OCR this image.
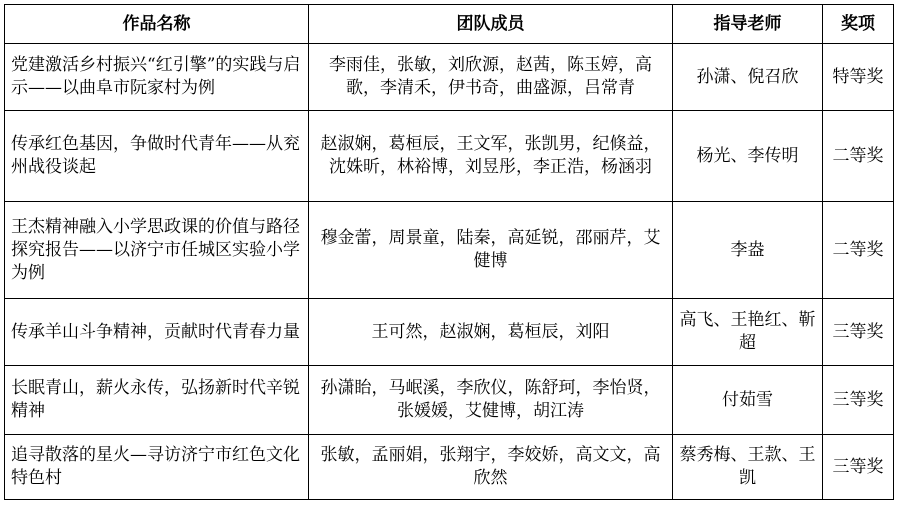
作品名称	团队成员	指导老师	奖项
党建激活乡村振兴“红引擎”的实践与启示——以曲阜市阮家村为例	李雨佳，张敏，刘欣源，赵茜，陈玉婷，高歌，李清禾，伊书奇，曲盛源，吕常青	孙潇、倪召欣	特等奖
传承红色基因，争做时代青年——从兖州战役谈起	赵淑娴，葛桓辰，王文军，张凯男，纪倏益，沈姝昕，林裕博，刘昱彤，李正浩，杨涵羽	杨光、李传明	二等奖
王杰精神融入小学思政课的价值与路径探究报告——以济宁市任城区实验小学为例	穆金蕾，周景童，陆秦，高延锐，邵丽芹，艾健博	李盎	二等奖
传承羊山斗争精神，贡献时代青春力量	王可然，赵淑娴，葛桓辰，刘阳	高飞、王艳红、靳超	三等奖
长眠青山，薪火永传，弘扬新时代辛锐精神	孙潇眙，马岷溪，李欣仪，陈舒珂，李怡贤，张媛媛，艾健博，胡江涛	付茹雪	三等奖
追寻散落的星火—寻访济宁市红色文化特色村	张敏，孟丽娟，张翔宇，李姣娇，高文文，高欣然	蔡秀梅、王款、王凯	三等奖
